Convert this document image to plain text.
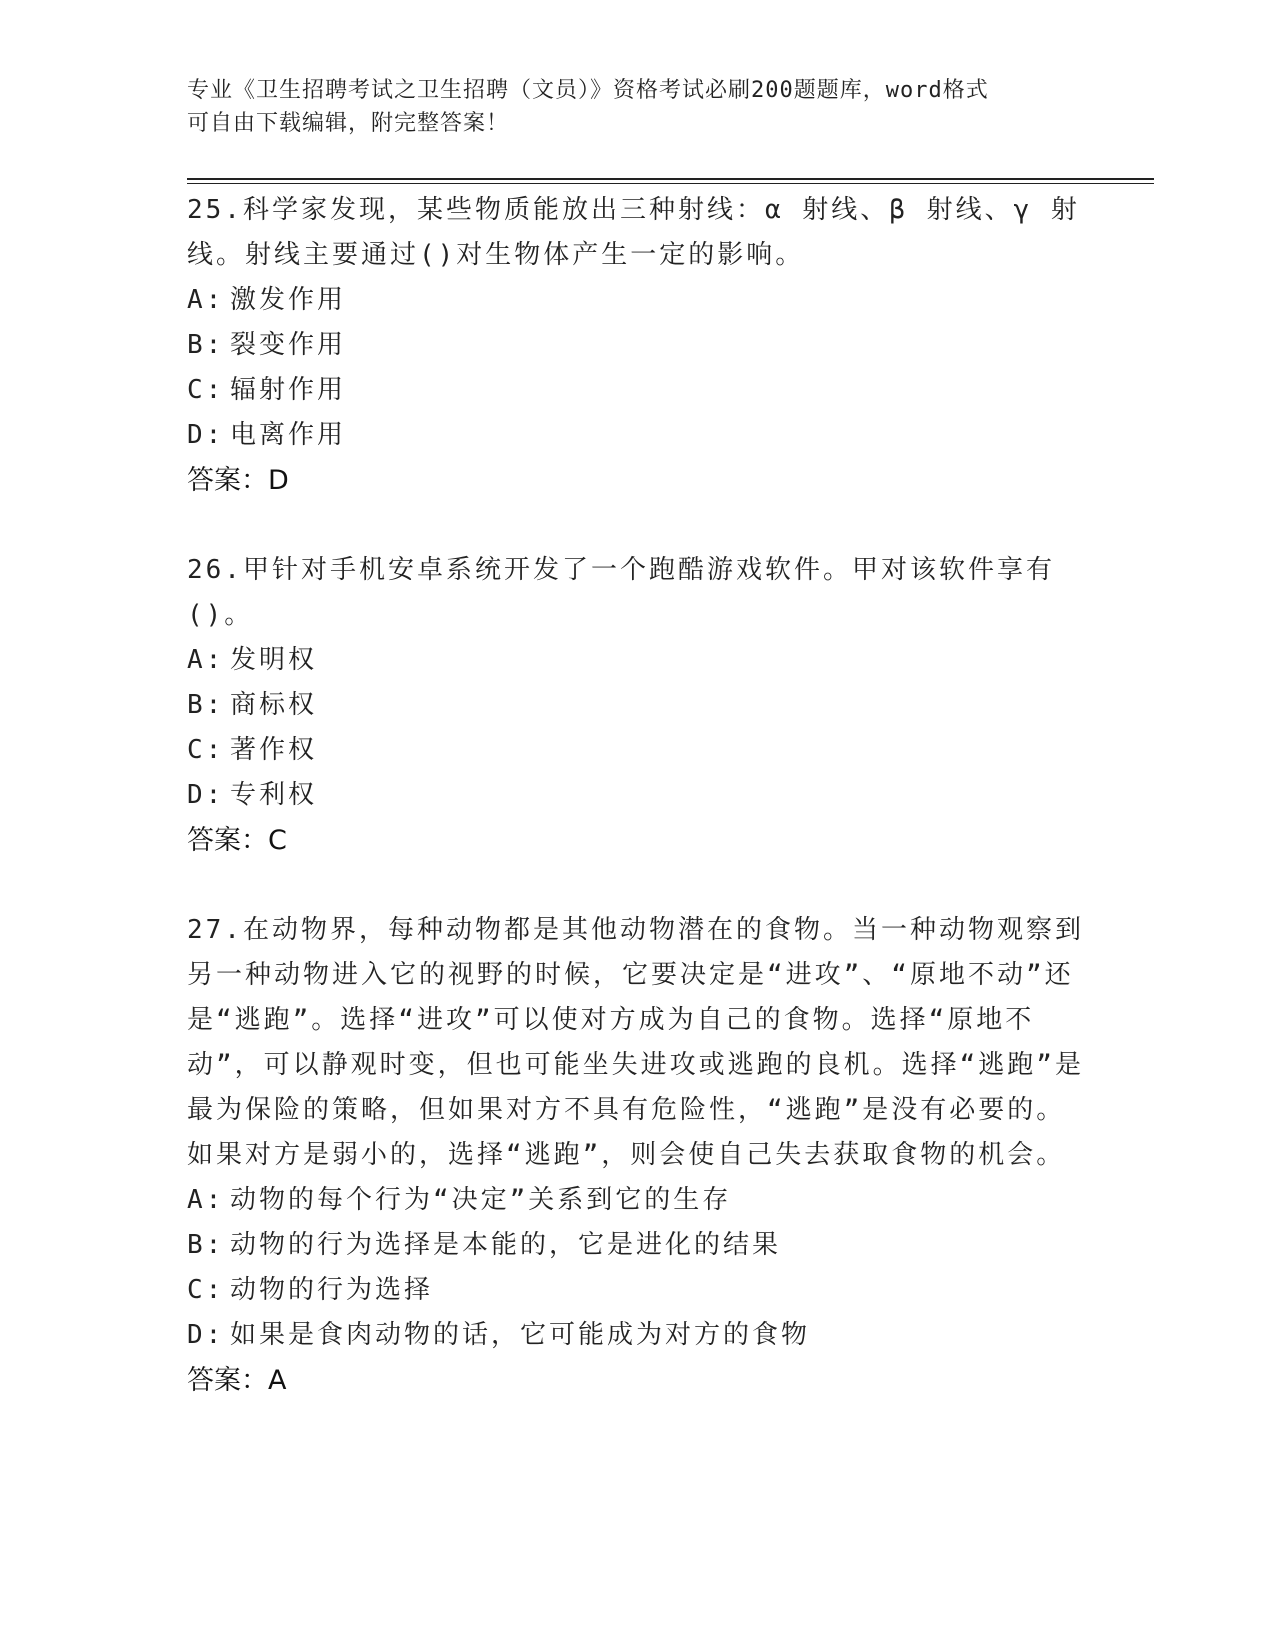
专业《卫生招聘考试之卫生招聘（文员）》资格考试必刷200题题库，word格式
可自由下载编辑，附完整答案！

25.科学家发现，某些物质能放出三种射线：α 射线、β 射线、γ 射线。射线主要通过()对生物体产生一定的影响。

A: 激发作用

B: 裂变作用

C: 辐射作用

D: 电离作用

答案：D

26.甲针对手机安卓系统开发了一个跑酷游戏软件。甲对该软件享有()。

A: 发明权

B: 商标权

C: 著作权

D: 专利权

答案：C

27.在动物界，每种动物都是其他动物潜在的食物。当一种动物观察到另一种动物进入它的视野的时候，它要决定是“进攻”、“原地不动”还是“逃跑”。选择“进攻”可以使对方成为自己的食物。选择“原地不动”，可以静观时变，但也可能坐失进攻或逃跑的良机。选择“逃跑”是最为保险的策略，但如果对方不具有危险性，“逃跑”是没有必要的。如果对方是弱小的，选择“逃跑”，则会使自己失去获取食物的机会。

A: 动物的每个行为“决定”关系到它的生存

B: 动物的行为选择是本能的，它是进化的结果

C: 动物的行为选择

D: 如果是食肉动物的话，它可能成为对方的食物

答案：A
